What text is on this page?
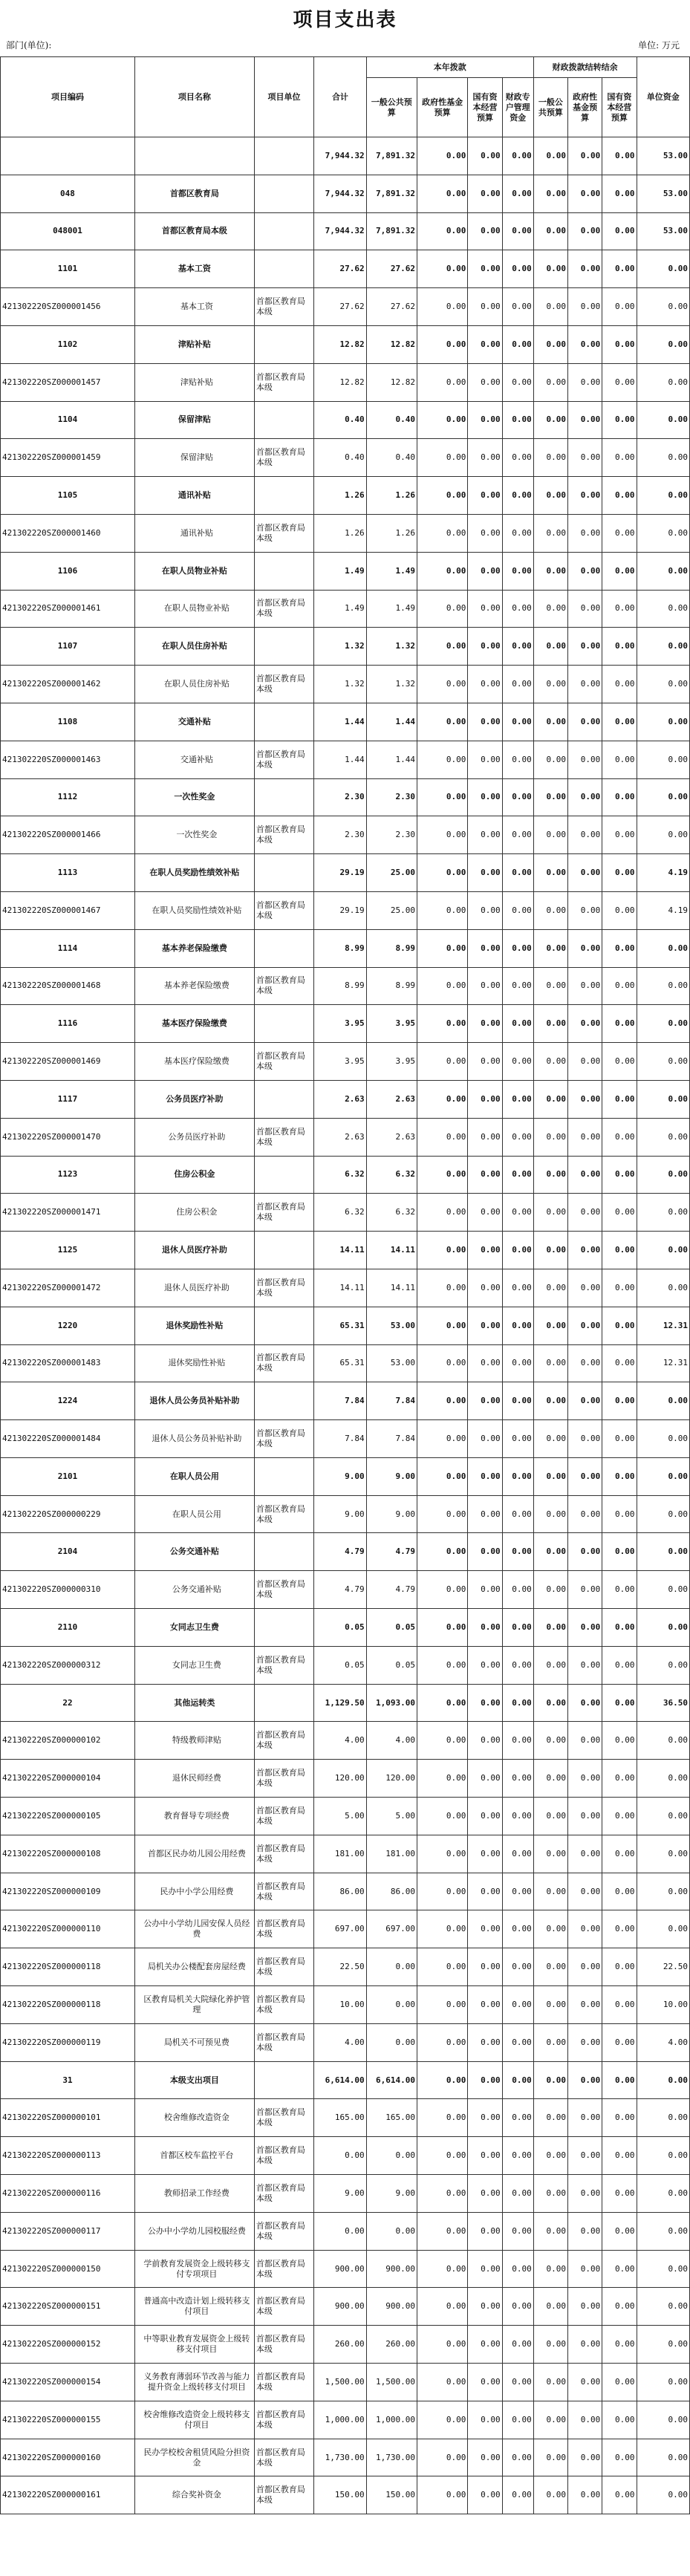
项目支出表
部门(单位):	单位: 万元
项目编码	项目名称	项目单位	合计	本年拨款				财政拨款结转结余			单位资金
				一般公共预算	政府性基金预算	国有资本经营预算	财政专户管理资金	一般公共预算	政府性基金预算	国有资本经营预算	
			7,944.32	7,891.32	0.00	0.00	0.00	0.00	0.00	0.00	53.00
048	首都区教育局		7,944.32	7,891.32	0.00	0.00	0.00	0.00	0.00	0.00	53.00
048001	首都区教育局本级		7,944.32	7,891.32	0.00	0.00	0.00	0.00	0.00	0.00	53.00
1101	基本工资		27.62	27.62	0.00	0.00	0.00	0.00	0.00	0.00	0.00
421302220SZ000001456	基本工资	首都区教育局本级	27.62	27.62	0.00	0.00	0.00	0.00	0.00	0.00	0.00
1102	津贴补贴		12.82	12.82	0.00	0.00	0.00	0.00	0.00	0.00	0.00
421302220SZ000001457	津贴补贴	首都区教育局本级	12.82	12.82	0.00	0.00	0.00	0.00	0.00	0.00	0.00
1104	保留津贴		0.40	0.40	0.00	0.00	0.00	0.00	0.00	0.00	0.00
421302220SZ000001459	保留津贴	首都区教育局本级	0.40	0.40	0.00	0.00	0.00	0.00	0.00	0.00	0.00
1105	通讯补贴		1.26	1.26	0.00	0.00	0.00	0.00	0.00	0.00	0.00
421302220SZ000001460	通讯补贴	首都区教育局本级	1.26	1.26	0.00	0.00	0.00	0.00	0.00	0.00	0.00
1106	在职人员物业补贴		1.49	1.49	0.00	0.00	0.00	0.00	0.00	0.00	0.00
421302220SZ000001461	在职人员物业补贴	首都区教育局本级	1.49	1.49	0.00	0.00	0.00	0.00	0.00	0.00	0.00
1107	在职人员住房补贴		1.32	1.32	0.00	0.00	0.00	0.00	0.00	0.00	0.00
421302220SZ000001462	在职人员住房补贴	首都区教育局本级	1.32	1.32	0.00	0.00	0.00	0.00	0.00	0.00	0.00
1108	交通补贴		1.44	1.44	0.00	0.00	0.00	0.00	0.00	0.00	0.00
421302220SZ000001463	交通补贴	首都区教育局本级	1.44	1.44	0.00	0.00	0.00	0.00	0.00	0.00	0.00
1112	一次性奖金		2.30	2.30	0.00	0.00	0.00	0.00	0.00	0.00	0.00
421302220SZ000001466	一次性奖金	首都区教育局本级	2.30	2.30	0.00	0.00	0.00	0.00	0.00	0.00	0.00
1113	在职人员奖励性绩效补贴		29.19	25.00	0.00	0.00	0.00	0.00	0.00	0.00	4.19
421302220SZ000001467	在职人员奖励性绩效补贴	首都区教育局本级	29.19	25.00	0.00	0.00	0.00	0.00	0.00	0.00	4.19
1114	基本养老保险缴费		8.99	8.99	0.00	0.00	0.00	0.00	0.00	0.00	0.00
421302220SZ000001468	基本养老保险缴费	首都区教育局本级	8.99	8.99	0.00	0.00	0.00	0.00	0.00	0.00	0.00
1116	基本医疗保险缴费		3.95	3.95	0.00	0.00	0.00	0.00	0.00	0.00	0.00
421302220SZ000001469	基本医疗保险缴费	首都区教育局本级	3.95	3.95	0.00	0.00	0.00	0.00	0.00	0.00	0.00
1117	公务员医疗补助		2.63	2.63	0.00	0.00	0.00	0.00	0.00	0.00	0.00
421302220SZ000001470	公务员医疗补助	首都区教育局本级	2.63	2.63	0.00	0.00	0.00	0.00	0.00	0.00	0.00
1123	住房公积金		6.32	6.32	0.00	0.00	0.00	0.00	0.00	0.00	0.00
421302220SZ000001471	住房公积金	首都区教育局本级	6.32	6.32	0.00	0.00	0.00	0.00	0.00	0.00	0.00
1125	退休人员医疗补助		14.11	14.11	0.00	0.00	0.00	0.00	0.00	0.00	0.00
421302220SZ000001472	退休人员医疗补助	首都区教育局本级	14.11	14.11	0.00	0.00	0.00	0.00	0.00	0.00	0.00
1220	退休奖励性补贴		65.31	53.00	0.00	0.00	0.00	0.00	0.00	0.00	12.31
421302220SZ000001483	退休奖励性补贴	首都区教育局本级	65.31	53.00	0.00	0.00	0.00	0.00	0.00	0.00	12.31
1224	退休人员公务员补贴补助		7.84	7.84	0.00	0.00	0.00	0.00	0.00	0.00	0.00
421302220SZ000001484	退休人员公务员补贴补助	首都区教育局本级	7.84	7.84	0.00	0.00	0.00	0.00	0.00	0.00	0.00
2101	在职人员公用		9.00	9.00	0.00	0.00	0.00	0.00	0.00	0.00	0.00
421302220SZ000000229	在职人员公用	首都区教育局本级	9.00	9.00	0.00	0.00	0.00	0.00	0.00	0.00	0.00
2104	公务交通补贴		4.79	4.79	0.00	0.00	0.00	0.00	0.00	0.00	0.00
421302220SZ000000310	公务交通补贴	首都区教育局本级	4.79	4.79	0.00	0.00	0.00	0.00	0.00	0.00	0.00
2110	女同志卫生费		0.05	0.05	0.00	0.00	0.00	0.00	0.00	0.00	0.00
421302220SZ000000312	女同志卫生费	首都区教育局本级	0.05	0.05	0.00	0.00	0.00	0.00	0.00	0.00	0.00
22	其他运转类		1,129.50	1,093.00	0.00	0.00	0.00	0.00	0.00	0.00	36.50
421302220SZ000000102	特级教师津贴	首都区教育局本级	4.00	4.00	0.00	0.00	0.00	0.00	0.00	0.00	0.00
421302220SZ000000104	退休民师经费	首都区教育局本级	120.00	120.00	0.00	0.00	0.00	0.00	0.00	0.00	0.00
421302220SZ000000105	教育督导专项经费	首都区教育局本级	5.00	5.00	0.00	0.00	0.00	0.00	0.00	0.00	0.00
421302220SZ000000108	首都区民办幼儿园公用经费	首都区教育局本级	181.00	181.00	0.00	0.00	0.00	0.00	0.00	0.00	0.00
421302220SZ000000109	民办中小学公用经费	首都区教育局本级	86.00	86.00	0.00	0.00	0.00	0.00	0.00	0.00	0.00
421302220SZ000000110	公办中小学幼儿园安保人员经费	首都区教育局本级	697.00	697.00	0.00	0.00	0.00	0.00	0.00	0.00	0.00
421302220SZ000000118	局机关办公楼配套房屋经费	首都区教育局本级	22.50	0.00	0.00	0.00	0.00	0.00	0.00	0.00	22.50
421302220SZ000000118	区教育局机关大院绿化养护管理	首都区教育局本级	10.00	0.00	0.00	0.00	0.00	0.00	0.00	0.00	10.00
421302220SZ000000119	局机关不可预见费	首都区教育局本级	4.00	0.00	0.00	0.00	0.00	0.00	0.00	0.00	4.00
31	本级支出项目		6,614.00	6,614.00	0.00	0.00	0.00	0.00	0.00	0.00	0.00
421302220SZ000000101	校舍维修改造资金	首都区教育局本级	165.00	165.00	0.00	0.00	0.00	0.00	0.00	0.00	0.00
421302220SZ000000113	首都区校车监控平台	首都区教育局本级	0.00	0.00	0.00	0.00	0.00	0.00	0.00	0.00	0.00
421302220SZ000000116	教师招录工作经费	首都区教育局本级	9.00	9.00	0.00	0.00	0.00	0.00	0.00	0.00	0.00
421302220SZ000000117	公办中小学幼儿园校服经费	首都区教育局本级	0.00	0.00	0.00	0.00	0.00	0.00	0.00	0.00	0.00
421302220SZ000000150	学前教育发展资金上级转移支付专项项目	首都区教育局本级	900.00	900.00	0.00	0.00	0.00	0.00	0.00	0.00	0.00
421302220SZ000000151	普通高中改造计划上级转移支付项目	首都区教育局本级	900.00	900.00	0.00	0.00	0.00	0.00	0.00	0.00	0.00
421302220SZ000000152	中等职业教育发展资金上级转移支付项目	首都区教育局本级	260.00	260.00	0.00	0.00	0.00	0.00	0.00	0.00	0.00
421302220SZ000000154	义务教育薄弱环节改善与能力提升资金上级转移支付项目	首都区教育局本级	1,500.00	1,500.00	0.00	0.00	0.00	0.00	0.00	0.00	0.00
421302220SZ000000155	校舍维修改造资金上级转移支付项目	首都区教育局本级	1,000.00	1,000.00	0.00	0.00	0.00	0.00	0.00	0.00	0.00
421302220SZ000000160	民办学校校舍租赁风险分担资金	首都区教育局本级	1,730.00	1,730.00	0.00	0.00	0.00	0.00	0.00	0.00	0.00
421302220SZ000000161	综合奖补资金	首都区教育局本级	150.00	150.00	0.00	0.00	0.00	0.00	0.00	0.00	0.00
